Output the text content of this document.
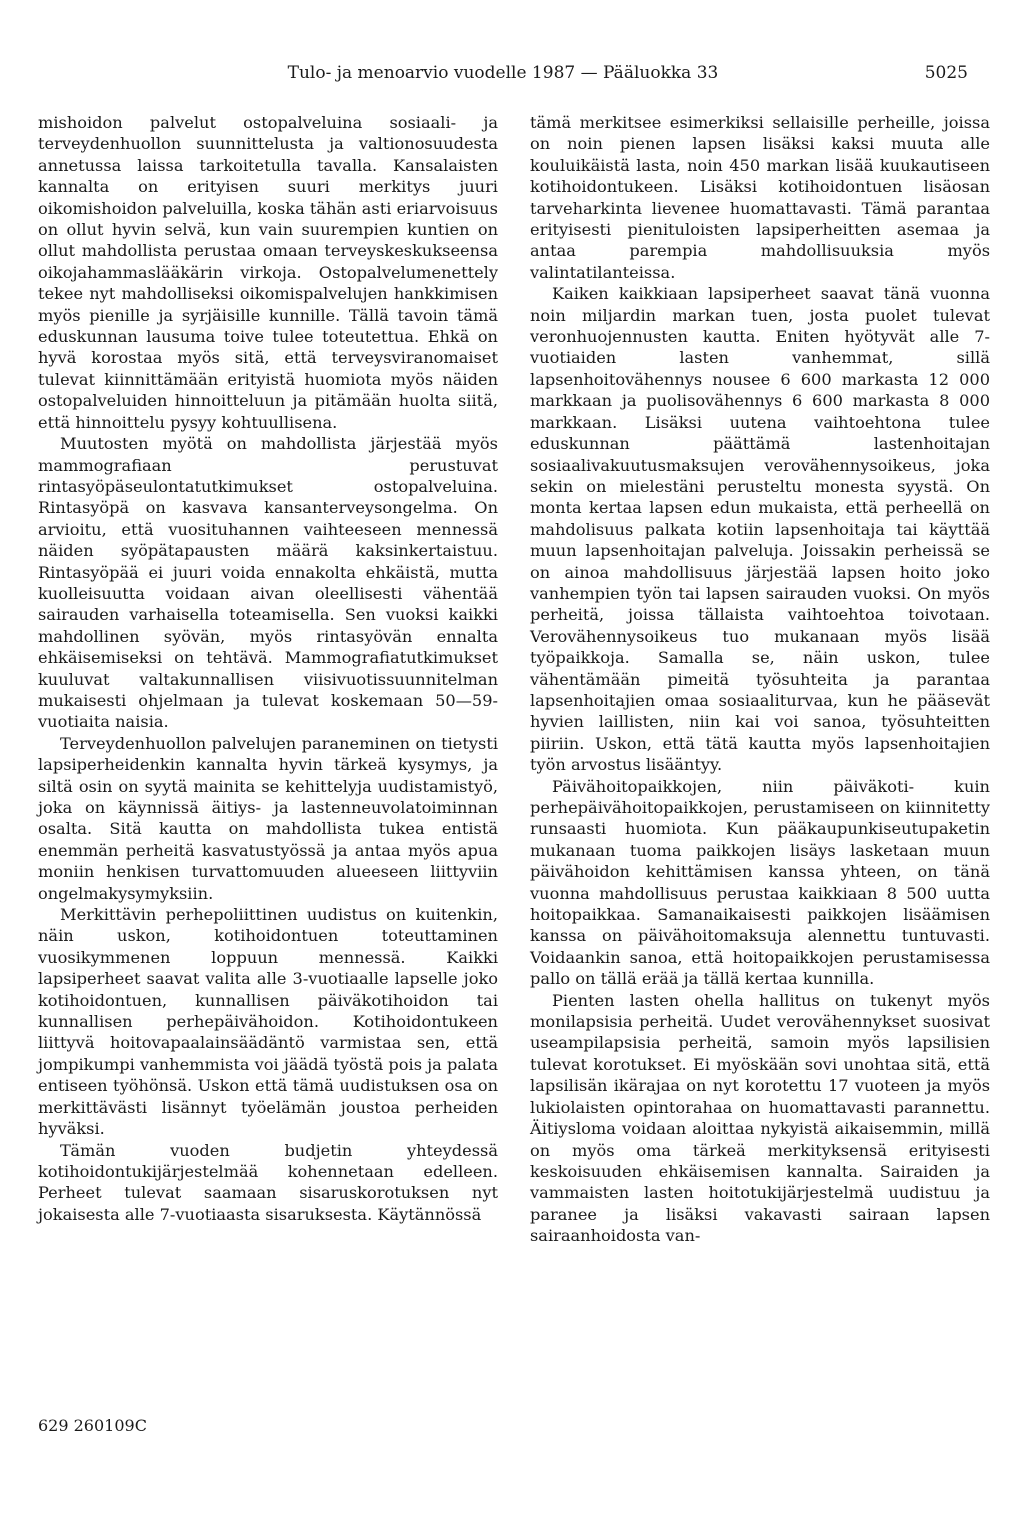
Tulo- ja menoarvio vuodelle 1987 — Pääluokka 33	5025

mishoidon palvelut ostopalveluina sosiaali- ja terveydenhuollon suunnittelusta ja valtionosuudesta annetussa laissa tarkoitetulla tavalla. Kansalaisten kannalta on erityisen suuri merkitys juuri oikomishoidon palveluilla, koska tähän asti eriarvoisuus on ollut hyvin selvä, kun vain suurempien kuntien on ollut mahdollista perustaa omaan terveyskeskukseensa oikojahammaslääkärin virkoja. Ostopalvelumenettely tekee nyt mahdolliseksi oikomispalvelujen hankkimisen myös pienille ja syrjäisille kunnille. Tällä tavoin tämä eduskunnan lausuma toive tulee toteutettua. Ehkä on hyvä korostaa myös sitä, että terveysviranomaiset tulevat kiinnittämään erityistä huomiota myös näiden ostopalveluiden hinnoitteluun ja pitämään huolta siitä, että hinnoittelu pysyy kohtuullisena.

Muutosten myötä on mahdollista järjestää myös mammografiaan perustuvat rintasyöpäseulontatutkimukset ostopalveluina. Rintasyöpä on kasvava kansanterveysongelma. On arvioitu, että vuosituhannen vaihteeseen mennessä näiden syöpätapausten määrä kaksinkertaistuu. Rintasyöpää ei juuri voida ennakolta ehkäistä, mutta kuolleisuutta voidaan aivan oleellisesti vähentää sairauden varhaisella toteamisella. Sen vuoksi kaikki mahdollinen syövän, myös rintasyövän ennalta ehkäisemiseksi on tehtävä. Mammografiatutkimukset kuuluvat valtakunnallisen viisivuotissuunnitelman mukaisesti ohjelmaan ja tulevat koskemaan 50—59-vuotiaita naisia.

Terveydenhuollon palvelujen paraneminen on tietysti lapsiperheidenkin kannalta hyvin tärkeä kysymys, ja siltä osin on syytä mainita se kehittelyja uudistamistyö, joka on käynnissä äitiys- ja lastenneuvolatoiminnan osalta. Sitä kautta on mahdollista tukea entistä enemmän perheitä kasvatustyössä ja antaa myös apua moniin henkisen turvattomuuden alueeseen liittyviin ongelmakysymyksiin.

Merkittävin perhepoliittinen uudistus on kuitenkin, näin uskon, kotihoidontuen toteuttaminen vuosikymmenen loppuun mennessä. Kaikki lapsiperheet saavat valita alle 3-vuotiaalle lapselle joko kotihoidontuen, kunnallisen päiväkotihoidon tai kunnallisen perhepäivähoidon. Kotihoidontukeen liittyvä hoitovapaalainsäädäntö varmistaa sen, että jompikumpi vanhemmista voi jäädä työstä pois ja palata entiseen työhönsä. Uskon että tämä uudistuksen osa on merkittävästi lisännyt työelämän joustoa perheiden hyväksi.

Tämän vuoden budjetin yhteydessä kotihoidontukijärjestelmää kohennetaan edelleen. Perheet tulevat saamaan sisaruskorotuksen nyt jokaisesta alle 7-vuotiaasta sisaruksesta. Käytännössä

tämä merkitsee esimerkiksi sellaisille perheille, joissa on noin pienen lapsen lisäksi kaksi muuta alle kouluikäistä lasta, noin 450 markan lisää kuukautiseen kotihoidontukeen. Lisäksi kotihoidontuen lisäosan tarveharkinta lievenee huomattavasti. Tämä parantaa erityisesti pienituloisten lapsiperheitten asemaa ja antaa parempia mahdollisuuksia myös valintatilanteissa.

Kaiken kaikkiaan lapsiperheet saavat tänä vuonna noin miljardin markan tuen, josta puolet tulevat veronhuojennusten kautta. Eniten hyötyvät alle 7-vuotiaiden lasten vanhemmat, sillä lapsenhoitovähennys nousee 6 600 markasta 12 000 markkaan ja puolisovähennys 6 600 markasta 8 000 markkaan. Lisäksi uutena vaihtoehtona tulee eduskunnan päättämä lastenhoitajan sosiaalivakuutusmaksujen verovähennysoikeus, joka sekin on mielestäni perusteltu monesta syystä. On monta kertaa lapsen edun mukaista, että perheellä on mahdolisuus palkata kotiin lapsenhoitaja tai käyttää muun lapsenhoitajan palveluja. Joissakin perheissä se on ainoa mahdollisuus järjestää lapsen hoito joko vanhempien työn tai lapsen sairauden vuoksi. On myös perheitä, joissa tällaista vaihtoehtoa toivotaan. Verovähennysoikeus tuo mukanaan myös lisää työpaikkoja. Samalla se, näin uskon, tulee vähentämään pimeitä työsuhteita ja parantaa lapsenhoitajien omaa sosiaaliturvaa, kun he pääsevät hyvien laillisten, niin kai voi sanoa, työsuhteitten piiriin. Uskon, että tätä kautta myös lapsenhoitajien työn arvostus lisääntyy.

Päivähoitopaikkojen, niin päiväkoti- kuin perhepäivähoitopaikkojen, perustamiseen on kiinnitetty runsaasti huomiota. Kun pääkaupunkiseutupaketin mukanaan tuoma paikkojen lisäys lasketaan muun päivähoidon kehittämisen kanssa yhteen, on tänä vuonna mahdollisuus perustaa kaikkiaan 8 500 uutta hoitopaikkaa. Samanaikaisesti paikkojen lisäämisen kanssa on päivähoitomaksuja alennettu tuntuvasti. Voidaankin sanoa, että hoitopaikkojen perustamisessa pallo on tällä erää ja tällä kertaa kunnilla.

Pienten lasten ohella hallitus on tukenyt myös monilapsisia perheitä. Uudet verovähennykset suosivat useampilapsisia perheitä, samoin myös lapsilisien tulevat korotukset. Ei myöskään sovi unohtaa sitä, että lapsilisän ikärajaa on nyt korotettu 17 vuoteen ja myös lukiolaisten opintorahaa on huomattavasti parannettu. Äitiysloma voidaan aloittaa nykyistä aikaisemmin, millä on myös oma tärkeä merkityksensä erityisesti keskoisuuden ehkäisemisen kannalta. Sairaiden ja vammaisten lasten hoitotukijärjestelmä uudistuu ja paranee ja lisäksi vakavasti sairaan lapsen sairaanhoidosta van-

629 260109C
